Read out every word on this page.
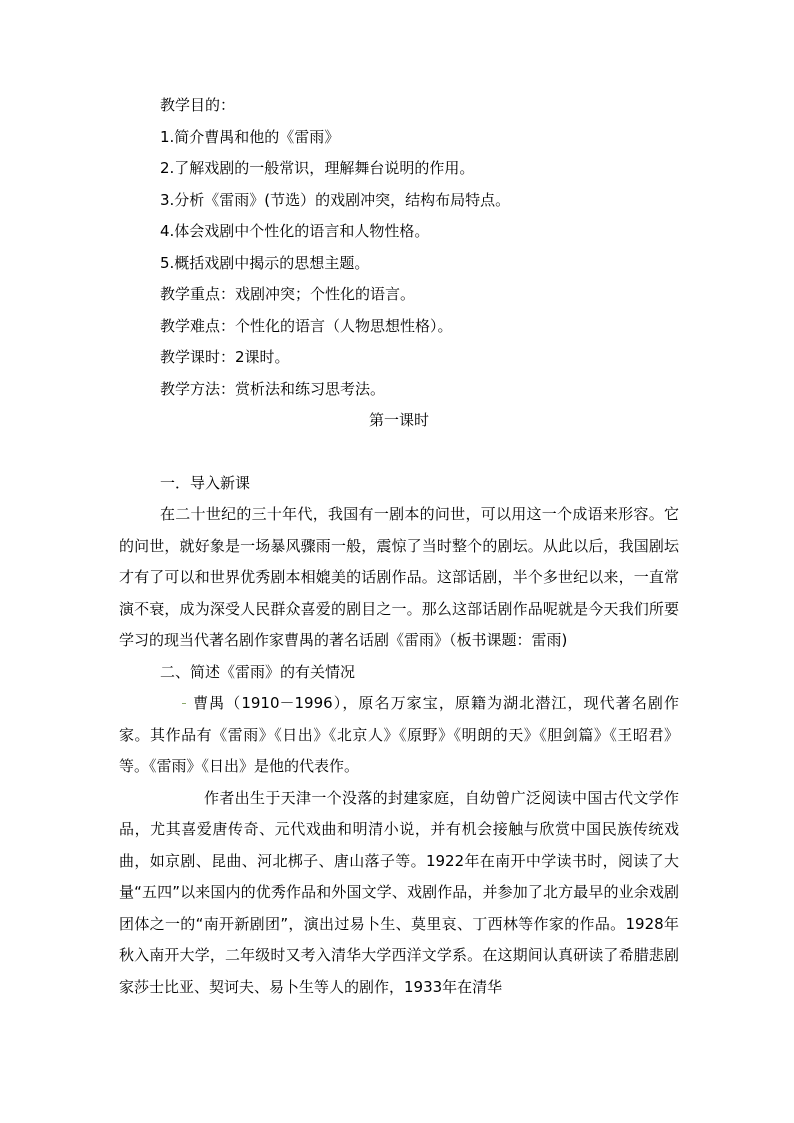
教学目的：

1.简介曹禺和他的《雷雨》

2.了解戏剧的一般常识，理解舞台说明的作用。

3.分析《雷雨》(节选）的戏剧冲突，结构布局特点。

4.体会戏剧中个性化的语言和人物性格。

5.概括戏剧中揭示的思想主题。

教学重点：戏剧冲突；个性化的语言。

教学难点：个性化的语言（人物思想性格）。

教学课时：2课时。

教学方法：赏析法和练习思考法。

第一课时

一．导入新课

在二十世纪的三十年代，我国有一剧本的问世，可以用这一个成语来形容。它的问世，就好象是一场暴风骤雨一般，震惊了当时整个的剧坛。从此以后，我国剧坛才有了可以和世界优秀剧本相媲美的话剧作品。这部话剧，半个多世纪以来，一直常演不衰，成为深受人民群众喜爱的剧目之一。那么这部话剧作品呢就是今天我们所要学习的现当代著名剧作家曹禺的著名话剧《雷雨》（板书课题：雷雨)

二、简述《雷雨》的有关情况

曹禺（1910－1996），原名万家宝，原籍为湖北潜江，现代著名剧作家。其作品有《雷雨》《日出》《北京人》《原野》《明朗的天》《胆剑篇》《王昭君》等。《雷雨》《日出》是他的代表作。

作者出生于天津一个没落的封建家庭，自幼曾广泛阅读中国古代文学作品，尤其喜爱唐传奇、元代戏曲和明清小说，并有机会接触与欣赏中国民族传统戏曲，如京剧、昆曲、河北梆子、唐山落子等。1922年在南开中学读书时，阅读了大量“五四”以来国内的优秀作品和外国文学、戏剧作品，并参加了北方最早的业余戏剧团体之一的“南开新剧团”，演出过易卜生、莫里哀、丁西林等作家的作品。1928年秋入南开大学，二年级时又考入清华大学西洋文学系。在这期间认真研读了希腊悲剧家莎士比亚、契诃夫、易卜生等人的剧作，1933年在清华
